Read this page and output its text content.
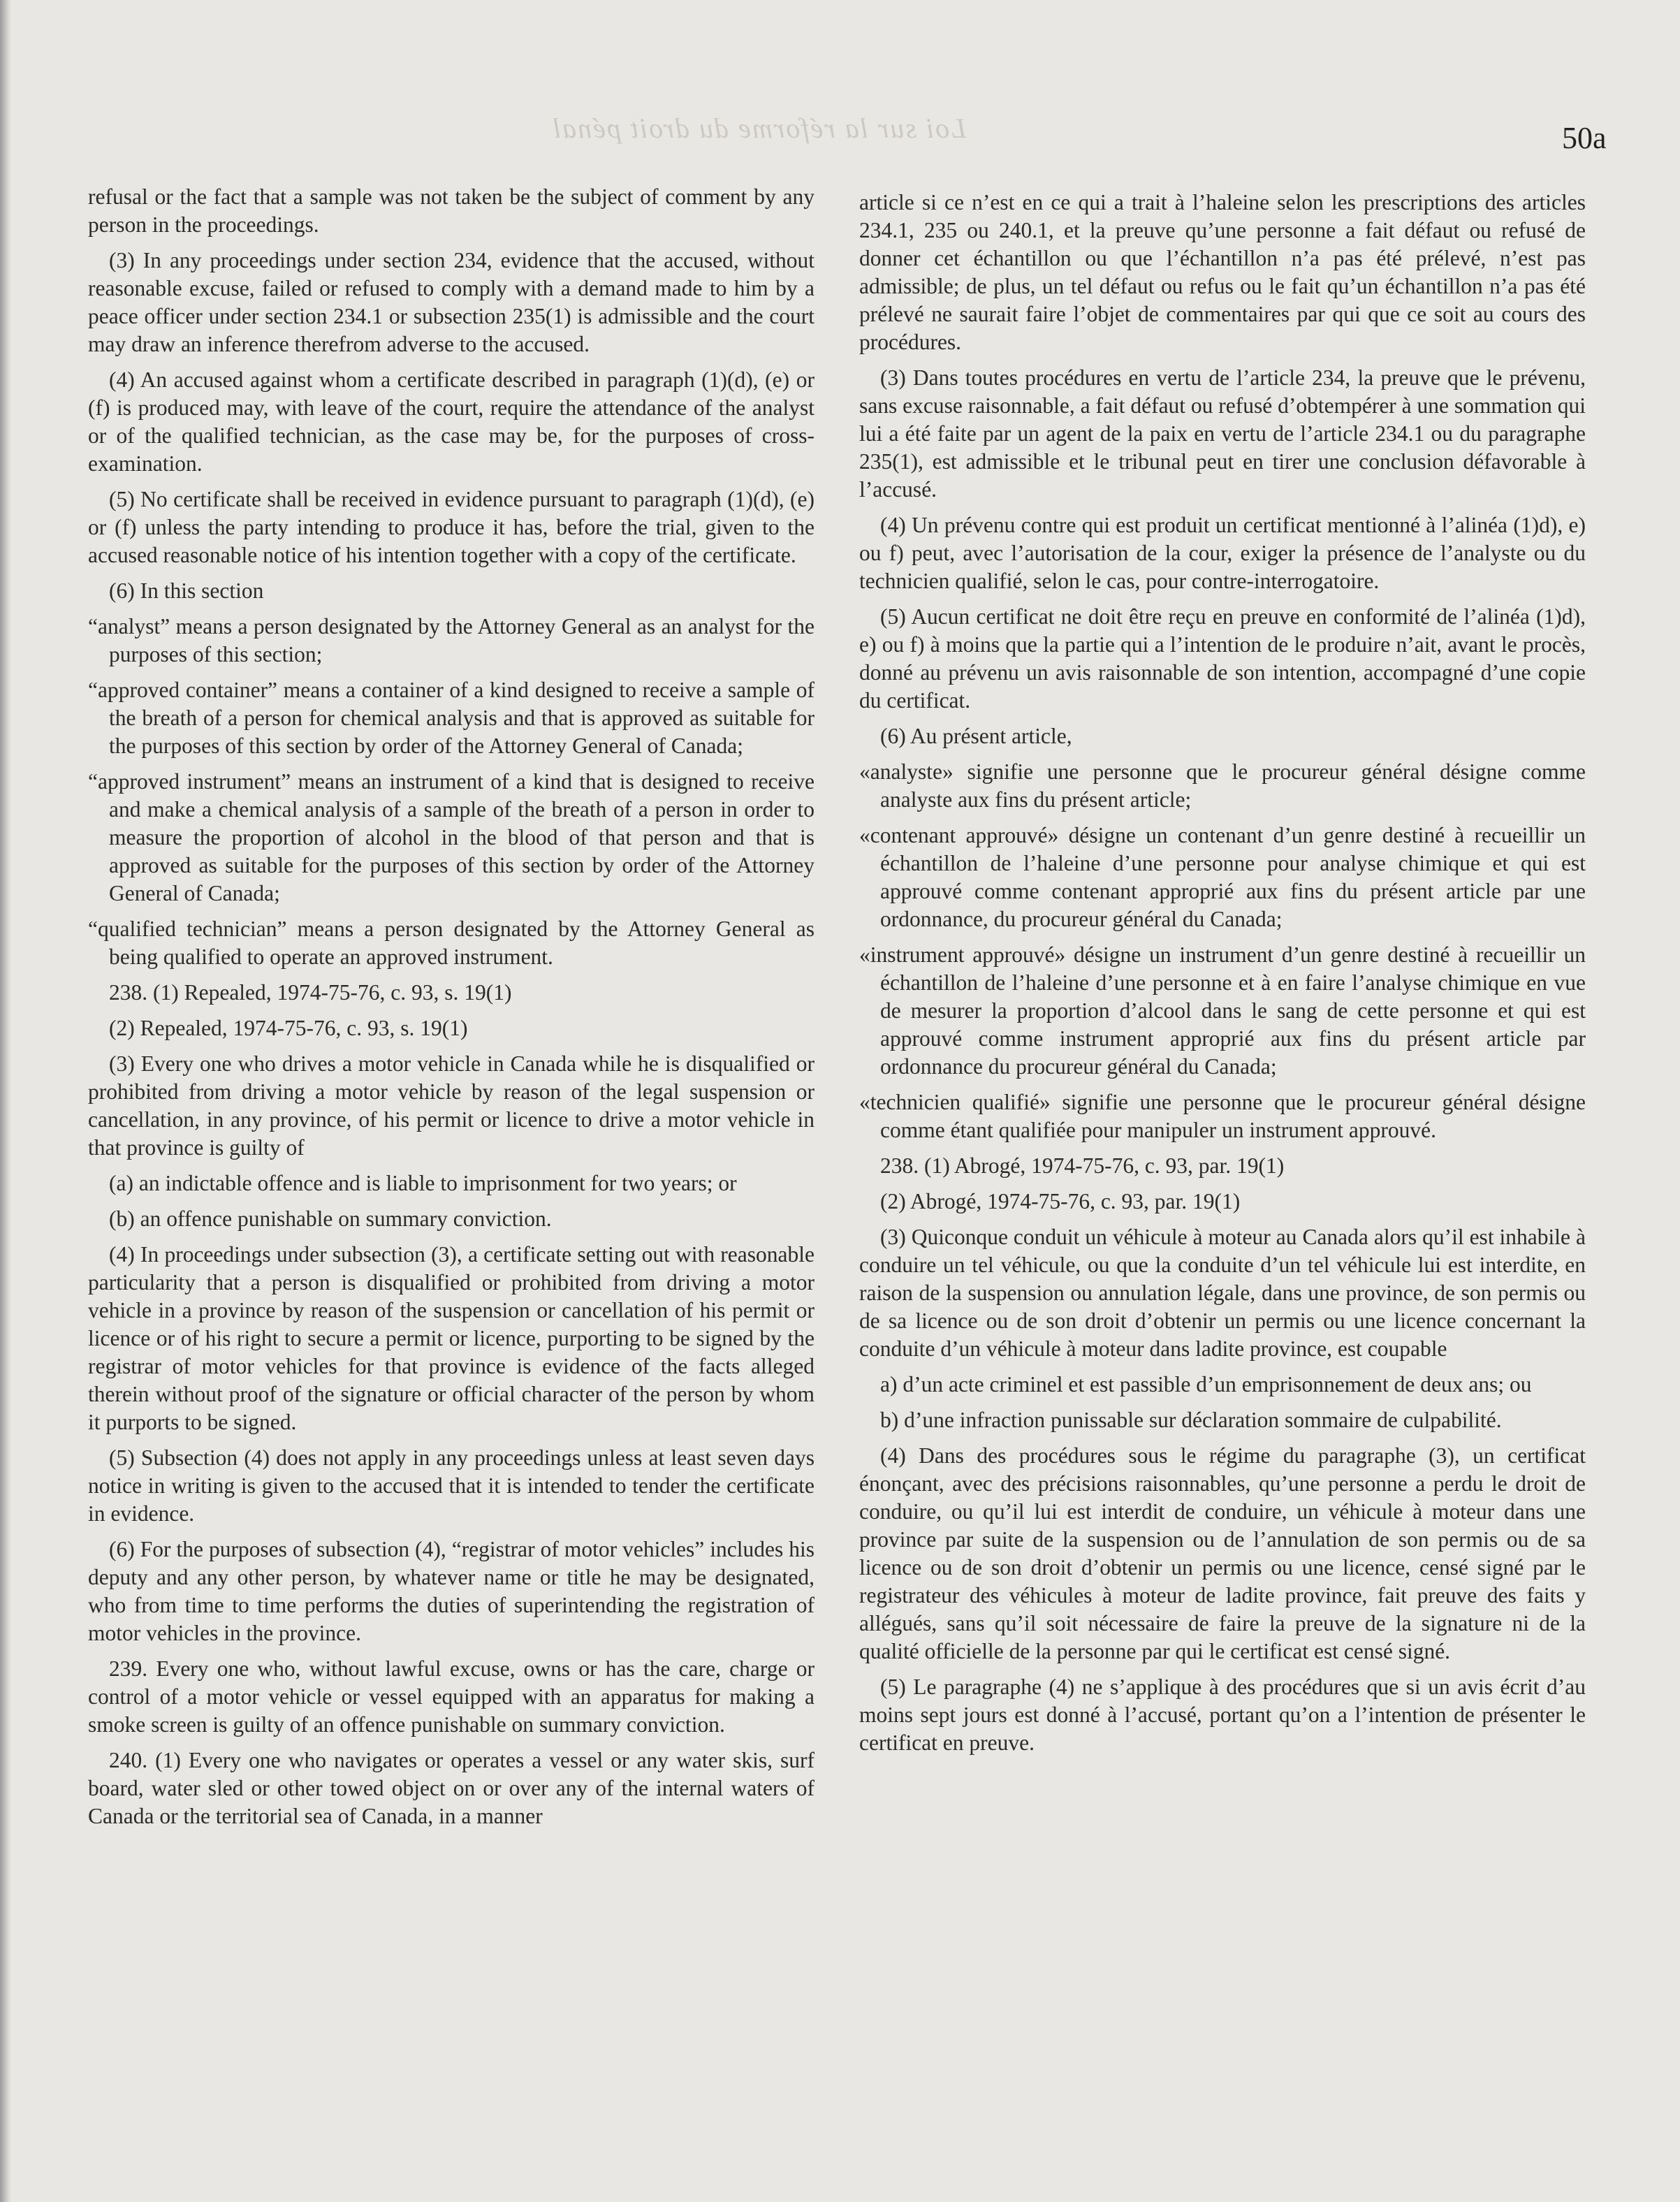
Loi sur la réforme du droit pénal	50a

refusal or the fact that a sample was not taken be the subject of comment by any person in the proceedings.

(3) In any proceedings under section 234, evidence that the accused, without reasonable excuse, failed or refused to comply with a demand made to him by a peace officer under section 234.1 or subsection 235(1) is admissible and the court may draw an inference therefrom adverse to the accused.

(4) An accused against whom a certificate described in paragraph (1)(d), (e) or (f) is produced may, with leave of the court, require the attendance of the analyst or of the qualified technician, as the case may be, for the purposes of cross-examination.

(5) No certificate shall be received in evidence pursuant to paragraph (1)(d), (e) or (f) unless the party intending to produce it has, before the trial, given to the accused reasonable notice of his intention together with a copy of the certificate.

(6) In this section

“analyst” means a person designated by the Attorney General as an analyst for the purposes of this section;

“approved container” means a container of a kind designed to receive a sample of the breath of a person for chemical analysis and that is approved as suitable for the purposes of this section by order of the Attorney General of Canada;

“approved instrument” means an instrument of a kind that is designed to receive and make a chemical analysis of a sample of the breath of a person in order to measure the proportion of alcohol in the blood of that person and that is approved as suitable for the purposes of this section by order of the Attorney General of Canada;

“qualified technician” means a person designated by the Attorney General as being qualified to operate an approved instrument.

238. (1) Repealed, 1974-75-76, c. 93, s. 19(1)

(2) Repealed, 1974-75-76, c. 93, s. 19(1)

(3) Every one who drives a motor vehicle in Canada while he is disqualified or prohibited from driving a motor vehicle by reason of the legal suspension or cancellation, in any province, of his permit or licence to drive a motor vehicle in that province is guilty of

(a) an indictable offence and is liable to imprisonment for two years; or

(b) an offence punishable on summary conviction.

(4) In proceedings under subsection (3), a certificate setting out with reasonable particularity that a person is disqualified or prohibited from driving a motor vehicle in a province by reason of the suspension or cancellation of his permit or licence or of his right to secure a permit or licence, purporting to be signed by the registrar of motor vehicles for that province is evidence of the facts alleged therein without proof of the signature or official character of the person by whom it purports to be signed.

(5) Subsection (4) does not apply in any proceedings unless at least seven days notice in writing is given to the accused that it is intended to tender the certificate in evidence.

(6) For the purposes of subsection (4), “registrar of motor vehicles” includes his deputy and any other person, by whatever name or title he may be designated, who from time to time performs the duties of superintending the registration of motor vehicles in the province.

239. Every one who, without lawful excuse, owns or has the care, charge or control of a motor vehicle or vessel equipped with an apparatus for making a smoke screen is guilty of an offence punishable on summary conviction.

240. (1) Every one who navigates or operates a vessel or any water skis, surf board, water sled or other towed object on or over any of the internal waters of Canada or the territorial sea of Canada, in a manner

article si ce n’est en ce qui a trait à l’haleine selon les prescriptions des articles 234.1, 235 ou 240.1, et la preuve qu’une personne a fait défaut ou refusé de donner cet échantillon ou que l’échantillon n’a pas été prélevé, n’est pas admissible; de plus, un tel défaut ou refus ou le fait qu’un échantillon n’a pas été prélevé ne saurait faire l’objet de commentaires par qui que ce soit au cours des procédures.

(3) Dans toutes procédures en vertu de l’article 234, la preuve que le prévenu, sans excuse raisonnable, a fait défaut ou refusé d’obtempérer à une sommation qui lui a été faite par un agent de la paix en vertu de l’article 234.1 ou du paragraphe 235(1), est admissible et le tribunal peut en tirer une conclusion défavorable à l’accusé.

(4) Un prévenu contre qui est produit un certificat mentionné à l’alinéa (1)d), e) ou f) peut, avec l’autorisation de la cour, exiger la présence de l’analyste ou du technicien qualifié, selon le cas, pour contre-interrogatoire.

(5) Aucun certificat ne doit être reçu en preuve en conformité de l’alinéa (1)d), e) ou f) à moins que la partie qui a l’intention de le produire n’ait, avant le procès, donné au prévenu un avis raisonnable de son intention, accompagné d’une copie du certificat.

(6) Au présent article,

«analyste» signifie une personne que le procureur général désigne comme analyste aux fins du présent article;

«contenant approuvé» désigne un contenant d’un genre destiné à recueillir un échantillon de l’haleine d’une personne pour analyse chimique et qui est approuvé comme contenant approprié aux fins du présent article par une ordonnance, du procureur général du Canada;

«instrument approuvé» désigne un instrument d’un genre destiné à recueillir un échantillon de l’haleine d’une personne et à en faire l’analyse chimique en vue de mesurer la proportion d’alcool dans le sang de cette personne et qui est approuvé comme instrument approprié aux fins du présent article par ordonnance du procureur général du Canada;

«technicien qualifié» signifie une personne que le procureur général désigne comme étant qualifiée pour manipuler un instrument approuvé.

238. (1) Abrogé, 1974-75-76, c. 93, par. 19(1)

(2) Abrogé, 1974-75-76, c. 93, par. 19(1)

(3) Quiconque conduit un véhicule à moteur au Canada alors qu’il est inhabile à conduire un tel véhicule, ou que la conduite d’un tel véhicule lui est interdite, en raison de la suspension ou annulation légale, dans une province, de son permis ou de sa licence ou de son droit d’obtenir un permis ou une licence concernant la conduite d’un véhicule à moteur dans ladite province, est coupable

a) d’un acte criminel et est passible d’un emprisonnement de deux ans; ou

b) d’une infraction punissable sur déclaration sommaire de culpabilité.

(4) Dans des procédures sous le régime du paragraphe (3), un certificat énonçant, avec des précisions raisonnables, qu’une personne a perdu le droit de conduire, ou qu’il lui est interdit de conduire, un véhicule à moteur dans une province par suite de la suspension ou de l’annulation de son permis ou de sa licence ou de son droit d’obtenir un permis ou une licence, censé signé par le registrateur des véhicules à moteur de ladite province, fait preuve des faits y allégués, sans qu’il soit nécessaire de faire la preuve de la signature ni de la qualité officielle de la personne par qui le certificat est censé signé.

(5) Le paragraphe (4) ne s’applique à des procédures que si un avis écrit d’au moins sept jours est donné à l’accusé, portant qu’on a l’intention de présenter le certificat en preuve.
